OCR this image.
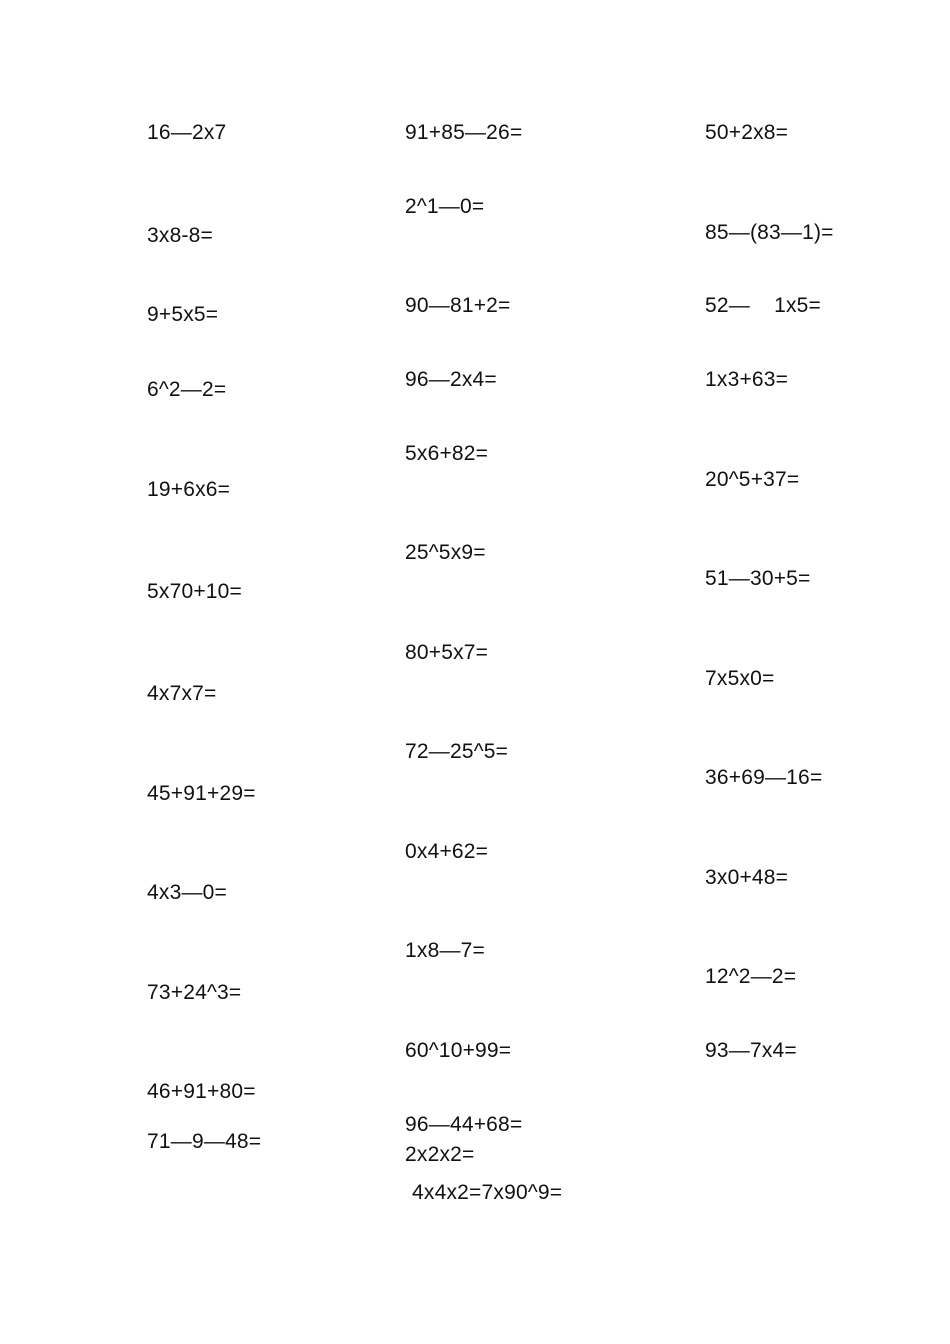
16—2x7
3x8-8=
9+5x5=
6^2—2=
19+6x6=
5x70+10=
4x7x7=
45+91+29=
4x3—0=
73+24^3=
46+91+80=
71—9—48=
91+85—26=
2^1—0=
90—81+2=
96—2x4=
5x6+82=
25^5x9=
80+5x7=
72—25^5=
0x4+62=
1x8—7=
60^10+99=
96—44+68=
2x2x2=
4x4x2=7x90^9=
50+2x8=
85—(83—1)=
52—    1x5=
1x3+63=
20^5+37=
51—30+5=
7x5x0=
36+69—16=
3x0+48=
12^2—2=
93—7x4=
